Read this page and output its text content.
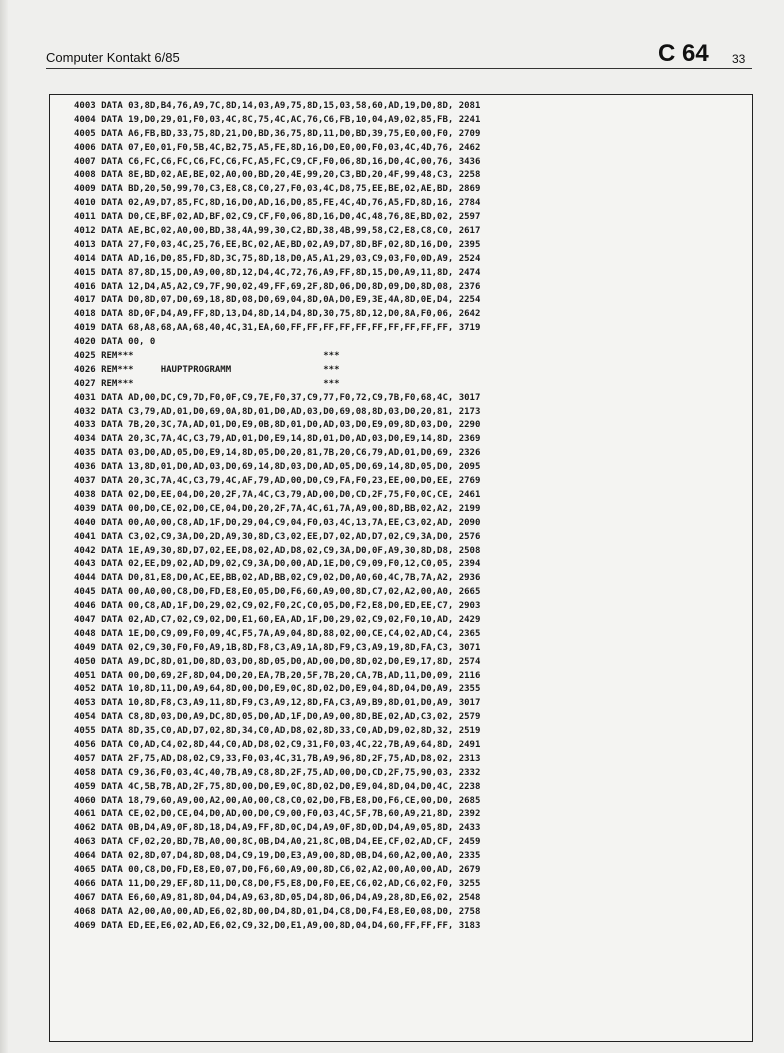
Computer Kontakt 6/85	C 64 33
4003 DATA 03,8D,B4,76,A9,7C,8D,14,03,A9,75,8D,15,03,58,60,AD,19,D0,8D, 2081
4004 DATA 19,D0,29,01,F0,03,4C,8C,75,4C,AC,76,C6,FB,10,04,A9,02,85,FB, 2241
4005 DATA A6,FB,BD,33,75,8D,21,D0,BD,36,75,8D,11,D0,BD,39,75,E0,00,F0, 2709
4006 DATA 07,E0,01,F0,5B,4C,B2,75,A5,FE,8D,16,D0,E0,00,F0,03,4C,4D,76, 2462
4007 DATA C6,FC,C6,FC,C6,FC,C6,FC,A5,FC,C9,CF,F0,06,8D,16,D0,4C,00,76, 3436
4008 DATA 8E,BD,02,AE,BE,02,A0,00,BD,20,4E,99,20,C3,BD,20,4F,99,48,C3, 2258
4009 DATA BD,20,50,99,70,C3,E8,C8,C0,27,F0,03,4C,D8,75,EE,BE,02,AE,BD, 2869
4010 DATA 02,A9,D7,85,FC,8D,16,D0,AD,16,D0,85,FE,4C,4D,76,A5,FD,8D,16, 2784
4011 DATA D0,CE,BF,02,AD,BF,02,C9,CF,F0,06,8D,16,D0,4C,48,76,8E,BD,02, 2597
4012 DATA AE,BC,02,A0,00,BD,38,4A,99,30,C2,BD,38,4B,99,58,C2,E8,C8,C0, 2617
4013 DATA 27,F0,03,4C,25,76,EE,BC,02,AE,BD,02,A9,D7,8D,BF,02,8D,16,D0, 2395
4014 DATA AD,16,D0,85,FD,8D,3C,75,8D,18,D0,A5,A1,29,03,C9,03,F0,0D,A9, 2524
4015 DATA 87,8D,15,D0,A9,00,8D,12,D4,4C,72,76,A9,FF,8D,15,D0,A9,11,8D, 2474
4016 DATA 12,D4,A5,A2,C9,7F,90,02,49,FF,69,2F,8D,06,D0,8D,09,D0,8D,08, 2376
4017 DATA D0,8D,07,D0,69,18,8D,08,D0,69,04,8D,0A,D0,E9,3E,4A,8D,0E,D4, 2254
4018 DATA 8D,0F,D4,A9,FF,8D,13,D4,8D,14,D4,8D,30,75,8D,12,D0,8A,F0,06, 2642
4019 DATA 68,A8,68,AA,68,40,4C,31,EA,60,FF,FF,FF,FF,FF,FF,FF,FF,FF,FF, 3719
4020 DATA 00, 0
4025 REM***                                   ***
4026 REM***     HAUPTPROGRAMM                 ***
4027 REM***                                   ***
4031 DATA AD,00,DC,C9,7D,F0,0F,C9,7E,F0,37,C9,77,F0,72,C9,7B,F0,68,4C, 3017
4032 DATA C3,79,AD,01,D0,69,0A,8D,01,D0,AD,03,D0,69,08,8D,03,D0,20,81, 2173
4033 DATA 7B,20,3C,7A,AD,01,D0,E9,0B,8D,01,D0,AD,03,D0,E9,09,8D,03,D0, 2290
4034 DATA 20,3C,7A,4C,C3,79,AD,01,D0,E9,14,8D,01,D0,AD,03,D0,E9,14,8D, 2369
4035 DATA 03,D0,AD,05,D0,E9,14,8D,05,D0,20,81,7B,20,C6,79,AD,01,D0,69, 2326
4036 DATA 13,8D,01,D0,AD,03,D0,69,14,8D,03,D0,AD,05,D0,69,14,8D,05,D0, 2095
4037 DATA 20,3C,7A,4C,C3,79,4C,AF,79,AD,00,D0,C9,FA,F0,23,EE,00,D0,EE, 2769
4038 DATA 02,D0,EE,04,D0,20,2F,7A,4C,C3,79,AD,00,D0,CD,2F,75,F0,0C,CE, 2461
4039 DATA 00,D0,CE,02,D0,CE,04,D0,20,2F,7A,4C,61,7A,A9,00,8D,BB,02,A2, 2199
4040 DATA 00,A0,00,C8,AD,1F,D0,29,04,C9,04,F0,03,4C,13,7A,EE,C3,02,AD, 2090
4041 DATA C3,02,C9,3A,D0,2D,A9,30,8D,C3,02,EE,D7,02,AD,D7,02,C9,3A,D0, 2576
4042 DATA 1E,A9,30,8D,D7,02,EE,D8,02,AD,D8,02,C9,3A,D0,0F,A9,30,8D,D8, 2508
4043 DATA 02,EE,D9,02,AD,D9,02,C9,3A,D0,00,AD,1E,D0,C9,09,F0,12,C0,05, 2394
4044 DATA D0,81,E8,D0,AC,EE,BB,02,AD,BB,02,C9,02,D0,A0,60,4C,7B,7A,A2, 2936
4045 DATA 00,A0,00,C8,D0,FD,E8,E0,05,D0,F6,60,A9,00,8D,C7,02,A2,00,A0, 2665
4046 DATA 00,C8,AD,1F,D0,29,02,C9,02,F0,2C,C0,05,D0,F2,E8,D0,ED,EE,C7, 2903
4047 DATA 02,AD,C7,02,C9,02,D0,E1,60,EA,AD,1F,D0,29,02,C9,02,F0,10,AD, 2429
4048 DATA 1E,D0,C9,09,F0,09,4C,F5,7A,A9,04,8D,88,02,00,CE,C4,02,AD,C4, 2365
4049 DATA 02,C9,30,F0,F0,A9,1B,8D,F8,C3,A9,1A,8D,F9,C3,A9,19,8D,FA,C3, 3071
4050 DATA A9,DC,8D,01,D0,8D,03,D0,8D,05,D0,AD,00,D0,8D,02,D0,E9,17,8D, 2574
4051 DATA 00,D0,69,2F,8D,04,D0,20,EA,7B,20,5F,7B,20,CA,7B,AD,11,D0,09, 2116
4052 DATA 10,8D,11,D0,A9,64,8D,00,D0,E9,0C,8D,02,D0,E9,04,8D,04,D0,A9, 2355
4053 DATA 10,8D,F8,C3,A9,11,8D,F9,C3,A9,12,8D,FA,C3,A9,B9,8D,01,D0,A9, 3017
4054 DATA C8,8D,03,D0,A9,DC,8D,05,D0,AD,1F,D0,A9,00,8D,BE,02,AD,C3,02, 2579
4055 DATA 8D,35,C0,AD,D7,02,8D,34,C0,AD,D8,02,8D,33,C0,AD,D9,02,8D,32, 2519
4056 DATA C0,AD,C4,02,8D,44,C0,AD,D8,02,C9,31,F0,03,4C,22,7B,A9,64,8D, 2491
4057 DATA 2F,75,AD,D8,02,C9,33,F0,03,4C,31,7B,A9,96,8D,2F,75,AD,D8,02, 2313
4058 DATA C9,36,F0,03,4C,40,7B,A9,C8,8D,2F,75,AD,00,D0,CD,2F,75,90,03, 2332
4059 DATA 4C,5B,7B,AD,2F,75,8D,00,D0,E9,0C,8D,02,D0,E9,04,8D,04,D0,4C, 2238
4060 DATA 18,79,60,A9,00,A2,00,A0,00,C8,C0,02,D0,FB,E8,D0,F6,CE,00,D0, 2685
4061 DATA CE,02,D0,CE,04,D0,AD,00,D0,C9,00,F0,03,4C,5F,7B,60,A9,21,8D, 2392
4062 DATA 0B,D4,A9,0F,8D,18,D4,A9,FF,8D,0C,D4,A9,0F,8D,0D,D4,A9,05,8D, 2433
4063 DATA CF,02,20,BD,7B,A0,00,8C,0B,D4,A0,21,8C,0B,D4,EE,CF,02,AD,CF, 2459
4064 DATA 02,8D,07,D4,8D,08,D4,C9,19,D0,E3,A9,00,8D,0B,D4,60,A2,00,A0, 2335
4065 DATA 00,C8,D0,FD,E8,E0,07,D0,F6,60,A9,00,8D,C6,02,A2,00,A0,00,AD, 2679
4066 DATA 11,D0,29,EF,8D,11,D0,C8,D0,F5,E8,D0,F0,EE,C6,02,AD,C6,02,F0, 3255
4067 DATA E6,60,A9,81,8D,04,D4,A9,63,8D,05,D4,8D,06,D4,A9,28,8D,E6,02, 2548
4068 DATA A2,00,A0,00,AD,E6,02,8D,00,D4,8D,01,D4,C8,D0,F4,E8,E0,08,D0, 2758
4069 DATA ED,EE,E6,02,AD,E6,02,C9,32,D0,E1,A9,00,8D,04,D4,60,FF,FF,FF, 3183
